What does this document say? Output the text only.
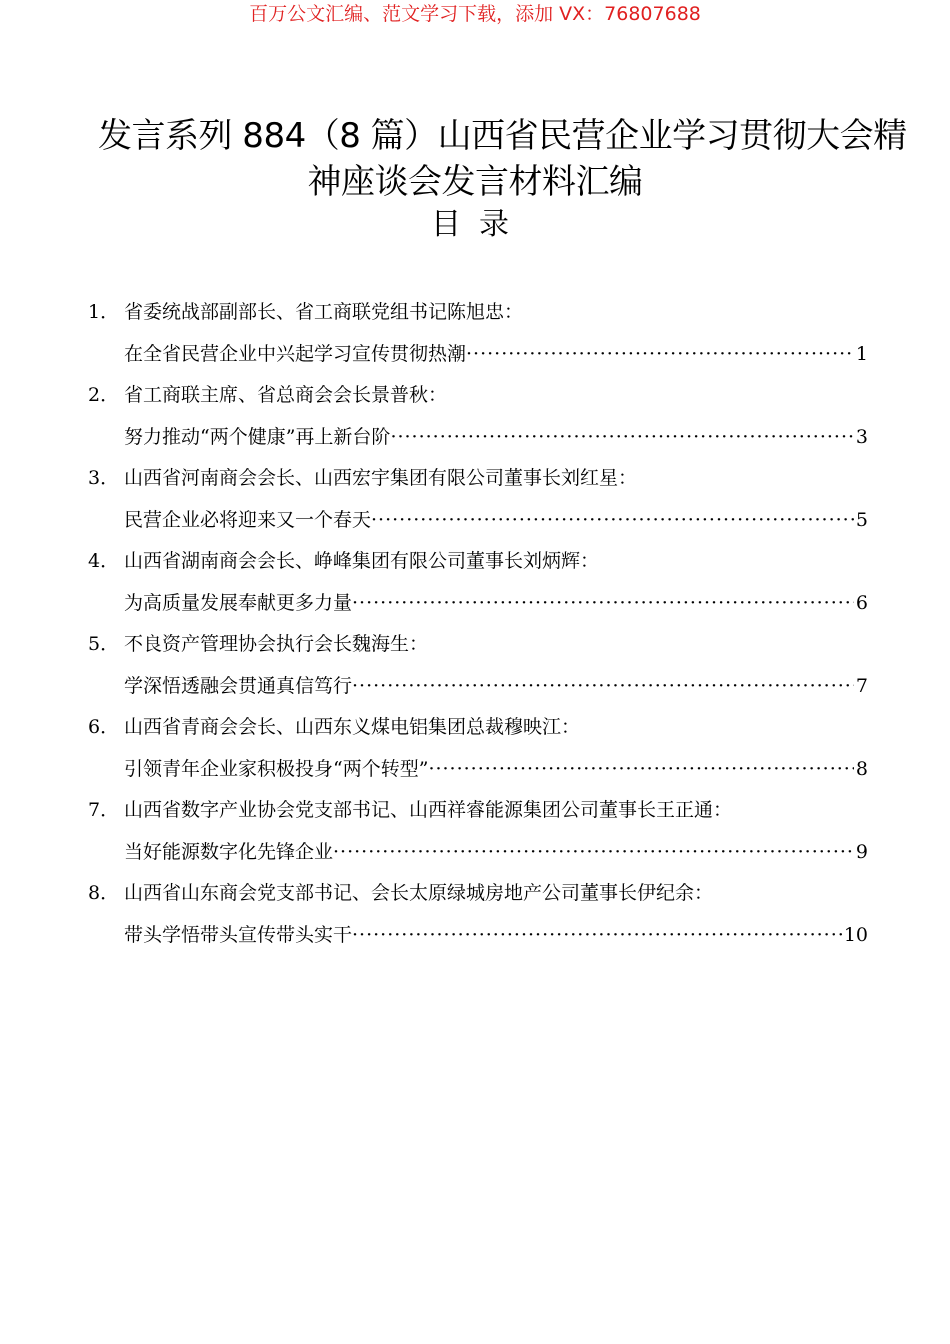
百万公文汇编、范文学习下载，添加 VX：76807688
发言系列 884（8 篇）山西省民营企业学习贯彻大会精
神座谈会发言材料汇编
目录
1． 省委统战部副部长、省工商联党组书记陈旭忠：
在全省民营企业中兴起学习宣传贯彻热潮 ·····	1
2． 省工商联主席、省总商会会长景普秋：
努力推动“两个健康”再上新台阶 ·····	3
3． 山西省河南商会会长、山西宏宇集团有限公司董事长刘红星：
民营企业必将迎来又一个春天 ·····	5
4． 山西省湖南商会会长、峥峰集团有限公司董事长刘炳辉：
为高质量发展奉献更多力量 ·····	6
5． 不良资产管理协会执行会长魏海生：
学深悟透融会贯通真信笃行 ·····	7
6． 山西省青商会会长、山西东义煤电铝集团总裁穆映江：
引领青年企业家积极投身“两个转型” ·····	8
7． 山西省数字产业协会党支部书记、山西祥睿能源集团公司董事长王正通：
当好能源数字化先锋企业 ·····	9
8． 山西省山东商会党支部书记、会长太原绿城房地产公司董事长伊纪余：
带头学悟带头宣传带头实干 ·····	10
